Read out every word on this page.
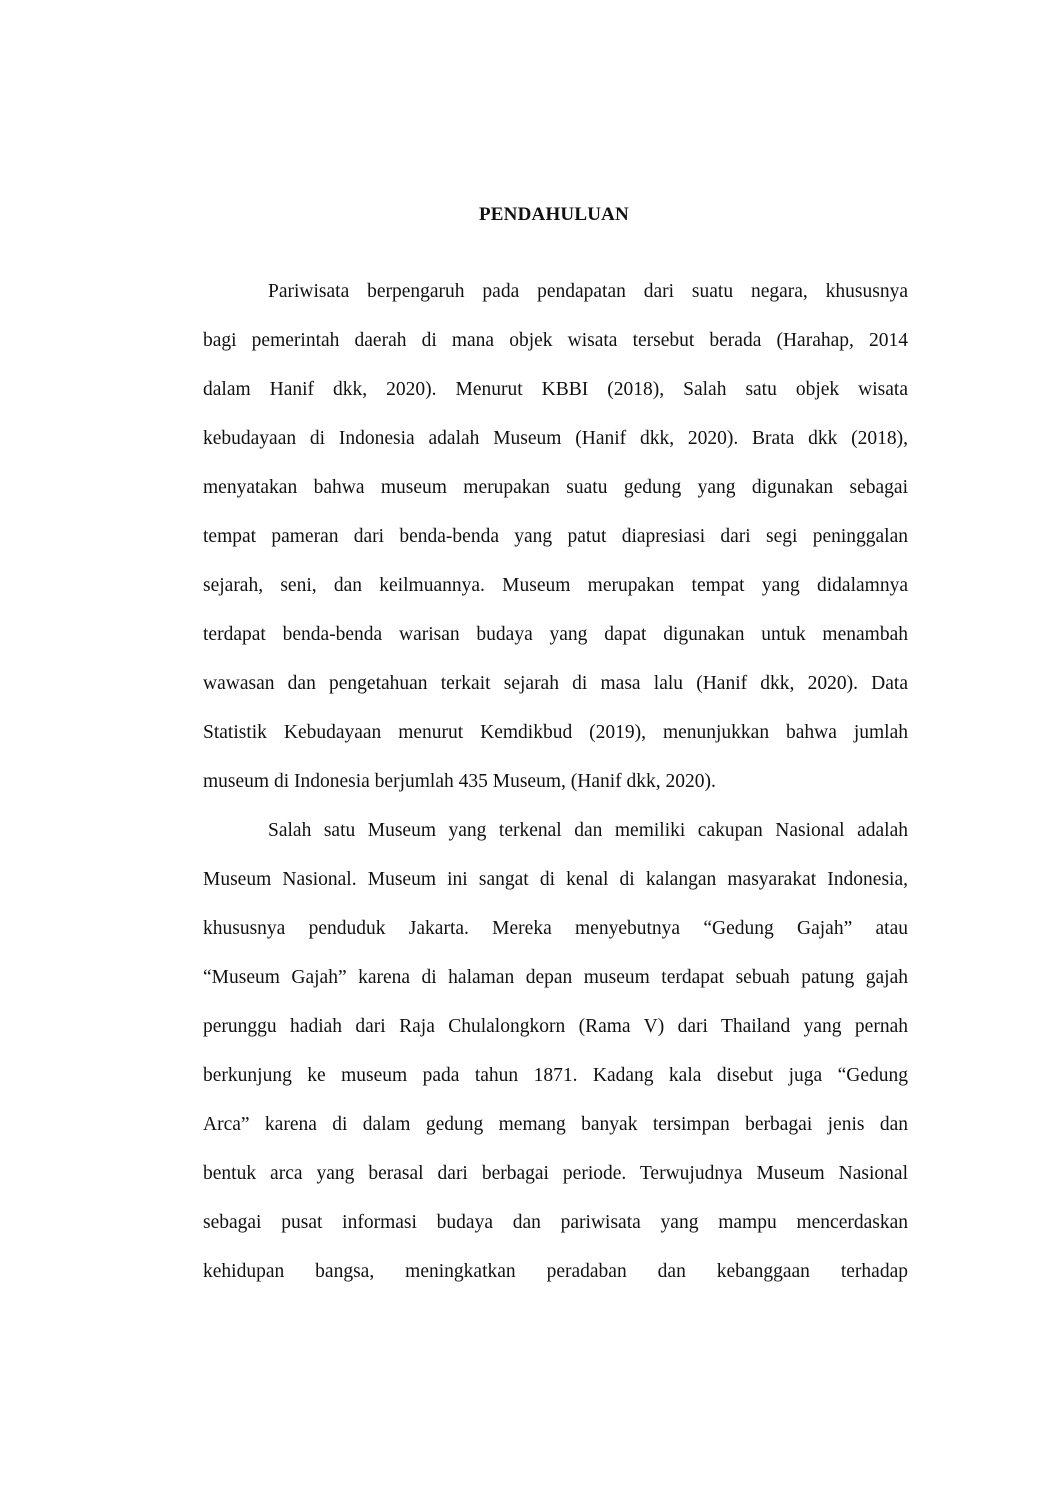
PENDAHULUAN
Pariwisata berpengaruh pada pendapatan dari suatu negara, khususnya
bagi pemerintah daerah di mana objek wisata tersebut berada (Harahap, 2014
dalam Hanif dkk, 2020). Menurut KBBI (2018), Salah satu objek wisata
kebudayaan di Indonesia adalah Museum (Hanif dkk, 2020). Brata dkk (2018),
menyatakan bahwa museum merupakan suatu gedung yang digunakan sebagai
tempat pameran dari benda-benda yang patut diapresiasi dari segi peninggalan
sejarah, seni, dan keilmuannya. Museum merupakan tempat yang didalamnya
terdapat benda-benda warisan budaya yang dapat digunakan untuk menambah
wawasan dan pengetahuan terkait sejarah di masa lalu (Hanif dkk, 2020). Data
Statistik Kebudayaan menurut Kemdikbud (2019), menunjukkan bahwa jumlah
museum di Indonesia berjumlah 435 Museum, (Hanif dkk, 2020).
Salah satu Museum yang terkenal dan memiliki cakupan Nasional adalah
Museum Nasional. Museum ini sangat di kenal di kalangan masyarakat Indonesia,
khususnya penduduk Jakarta. Mereka menyebutnya “Gedung Gajah” atau
“Museum Gajah” karena di halaman depan museum terdapat sebuah patung gajah
perunggu hadiah dari Raja Chulalongkorn (Rama V) dari Thailand yang pernah
berkunjung ke museum pada tahun 1871. Kadang kala disebut juga “Gedung
Arca” karena di dalam gedung memang banyak tersimpan berbagai jenis dan
bentuk arca yang berasal dari berbagai periode. Terwujudnya Museum Nasional
sebagai pusat informasi budaya dan pariwisata yang mampu mencerdaskan
kehidupan bangsa, meningkatkan peradaban dan kebanggaan terhadap
